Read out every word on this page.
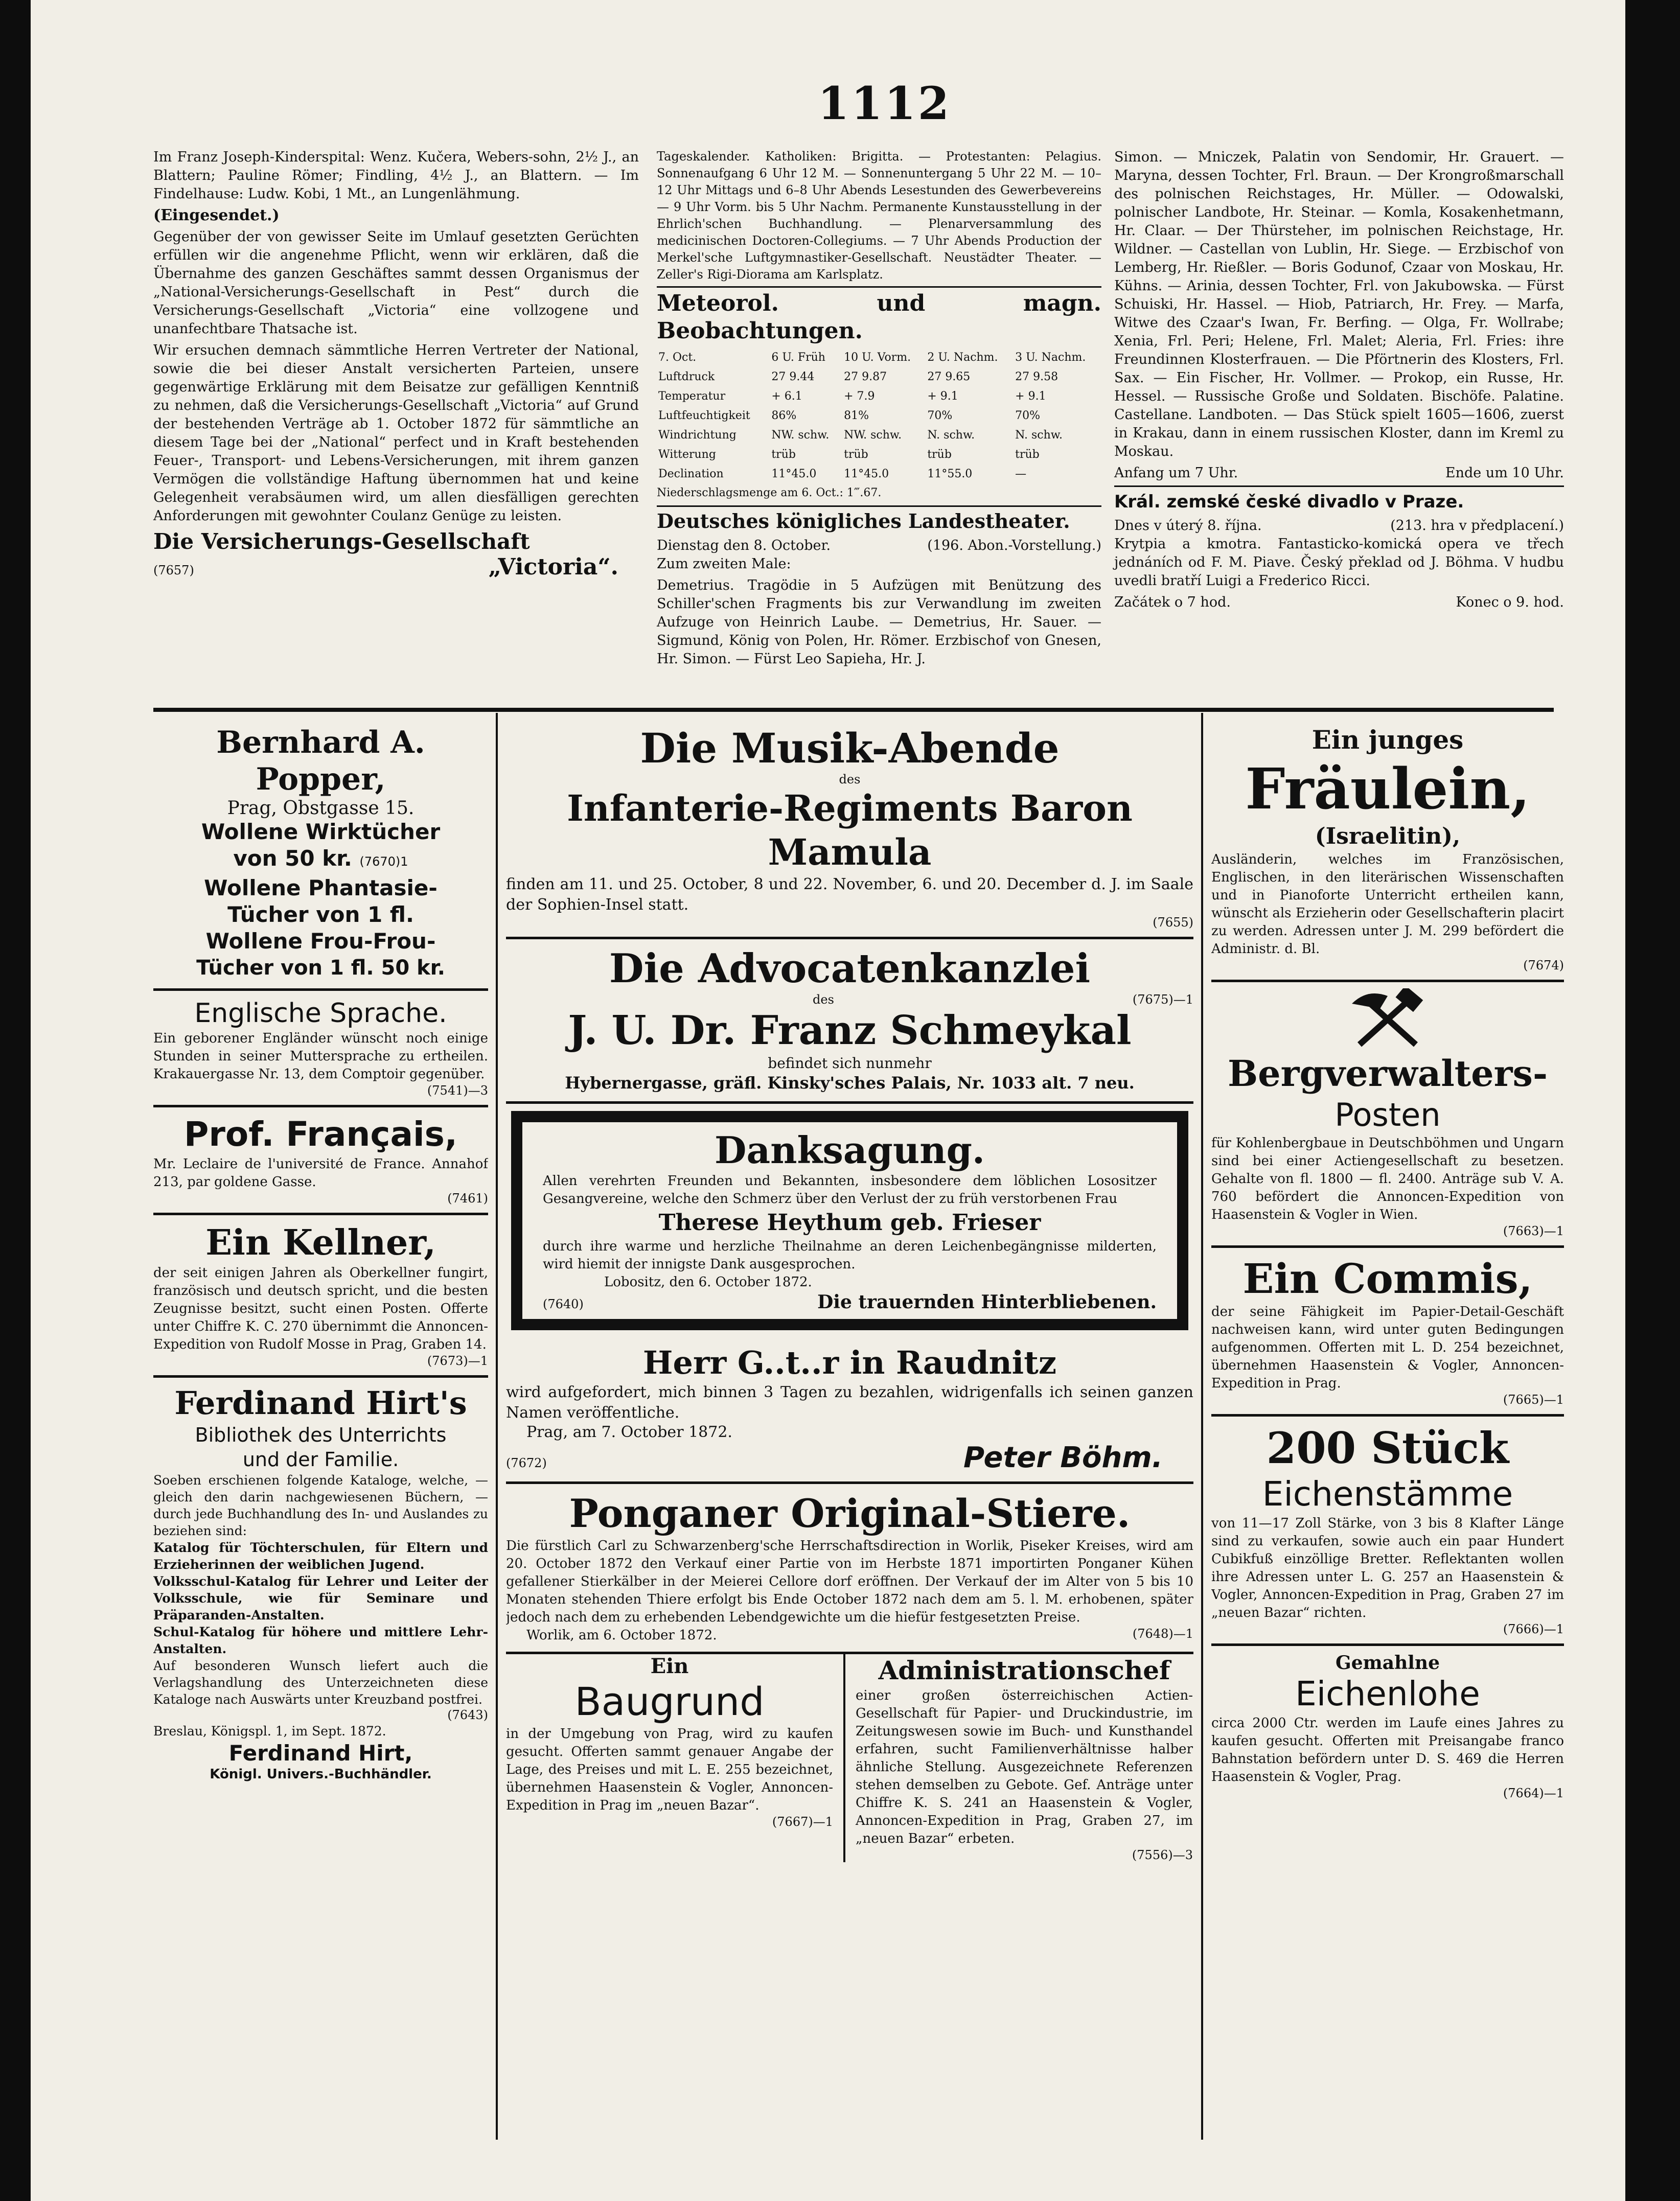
1112

Im Franz Joseph-Kinderspital: Wenz. Kučera, Webers-sohn, 2½ J., an Blattern; Pauline Römer; Findling, 4½ J., an Blattern. — Im Findelhause: Ludw. Kobi, 1 Mt., an Lungenlähmung.

(Eingesendet.)

Gegenüber der von gewisser Seite im Umlauf gesetzten Gerüchten erfüllen wir die angenehme Pflicht, wenn wir erklären, daß die Übernahme des ganzen Geschäftes sammt dessen Organismus der „National-Versicherungs-Gesellschaft in Pest“ durch die Versicherungs-Gesellschaft „Victoria“ eine vollzogene und unanfechtbare Thatsache ist.

Wir ersuchen demnach sämmtliche Herren Vertreter der National, sowie die bei dieser Anstalt versicherten Parteien, unsere gegenwärtige Erklärung mit dem Beisatze zur gefälligen Kenntniß zu nehmen, daß die Versicherungs-Gesellschaft „Victoria“ auf Grund der bestehenden Verträge ab 1. October 1872 für sämmtliche an diesem Tage bei der „National“ perfect und in Kraft bestehenden Feuer-, Transport- und Lebens-Versicherungen, mit ihrem ganzen Vermögen die vollständige Haftung übernommen hat und keine Gelegenheit verabsäumen wird, um allen diesfälligen gerechten Anforderungen mit gewohnter Coulanz Genüge zu leisten.

Die Versicherungs-Gesellschaft

(7657)	„Victoria“.

Tageskalender. Katholiken: Brigitta. — Protestanten: Pelagius. Sonnenaufgang 6 Uhr 12 M. — Sonnenuntergang 5 Uhr 22 M. — 10–12 Uhr Mittags und 6–8 Uhr Abends Lesestunden des Gewerbevereins — 9 Uhr Vorm. bis 5 Uhr Nachm. Permanente Kunstausstellung in der Ehrlich'schen Buchhandlung. — Plenarversammlung des medicinischen Doctoren-Collegiums. — 7 Uhr Abends Production der Merkel'sche Luftgymnastiker-Gesellschaft. Neustädter Theater. — Zeller's Rigi-Diorama am Karlsplatz.

Meteorol. und magn. Beobachtungen.

7. Oct.	6 U. Früh	10 U. Vorm.	2 U. Nachm.	3 U. Nachm.
Luftdruck	27 9.44	27 9.87	27 9.65	27 9.58
Temperatur	+ 6.1	+ 7.9	+ 9.1	+ 9.1
Luftfeuchtigkeit	86%	81%	70%	70%
Windrichtung	NW. schw.	NW. schw.	N. schw.	N. schw.
Witterung	trüb	trüb	trüb	trüb
Declination	11°45.0	11°45.0	11°55.0	—

Niederschlagsmenge am 6. Oct.: 1‴.67.

Deutsches königliches Landestheater.

Dienstag den 8. October.	(196. Abon.-Vorstellung.)

Zum zweiten Male:

Demetrius. Tragödie in 5 Aufzügen mit Benützung des Schiller'schen Fragments bis zur Verwandlung im zweiten Aufzuge von Heinrich Laube. — Demetrius, Hr. Sauer. — Sigmund, König von Polen, Hr. Römer. Erzbischof von Gnesen, Hr. Simon. — Fürst Leo Sapieha, Hr. J.

Simon. — Mniczek, Palatin von Sendomir, Hr. Grauert. — Maryna, dessen Tochter, Frl. Braun. — Der Krongroßmarschall des polnischen Reichstages, Hr. Müller. — Odowalski, polnischer Landbote, Hr. Steinar. — Komla, Kosakenhetmann, Hr. Claar. — Der Thürsteher, im polnischen Reichstage, Hr. Wildner. — Castellan von Lublin, Hr. Siege. — Erzbischof von Lemberg, Hr. Rießler. — Boris Godunof, Czaar von Moskau, Hr. Kühns. — Arinia, dessen Tochter, Frl. von Jakubowska. — Fürst Schuiski, Hr. Hassel. — Hiob, Patriarch, Hr. Frey. — Marfa, Witwe des Czaar's Iwan, Fr. Berfing. — Olga, Fr. Wollrabe; Xenia, Frl. Peri; Helene, Frl. Malet; Aleria, Frl. Fries: ihre Freundinnen Klosterfrauen. — Die Pförtnerin des Klosters, Frl. Sax. — Ein Fischer, Hr. Vollmer. — Prokop, ein Russe, Hr. Hessel. — Russische Große und Soldaten. Bischöfe. Palatine. Castellane. Landboten. — Das Stück spielt 1605—1606, zuerst in Krakau, dann in einem russischen Kloster, dann im Kreml zu Moskau.

Anfang um 7 Uhr.	Ende um 10 Uhr.

Král. zemské české divadlo v Praze.

Dnes v úterý 8. října.	(213. hra v předplacení.)

Krytpia a kmotra. Fantasticko-komická opera ve třech jednáních od F. M. Piave. Český překlad od J. Böhma. V hudbu uvedli bratří Luigi a Frederico Ricci.

Začátek o 7 hod.	Konec o 9. hod.
Bernhard A. Popper,
Prag, Obstgasse 15.
Wollene Wirktücher
von 50 kr. (7670)1
Wollene Phantasie-
Tücher von 1 fl.
Wollene Frou-Frou-
Tücher von 1 fl. 50 kr.
Englische Sprache.
Ein geborener Engländer wünscht noch einige Stunden in seiner Muttersprache zu ertheilen. Krakauergasse Nr. 13, dem Comptoir gegenüber.
(7541)—3
Prof. Français,
Mr. Leclaire de l'université de France. Annahof 213, par goldene Gasse.
(7461)
Ein Kellner,
der seit einigen Jahren als Oberkellner fungirt, französisch und deutsch spricht, und die besten Zeugnisse besitzt, sucht einen Posten. Offerte unter Chiffre K. C. 270 übernimmt die Annoncen-Expedition von Rudolf Mosse in Prag, Graben 14.
(7673)—1
Ferdinand Hirt's
Bibliothek des Unterrichts
und der Familie.
Soeben erschienen folgende Kataloge, welche, — gleich den darin nachgewiesenen Büchern, — durch jede Buchhandlung des In- und Auslandes zu beziehen sind:
Katalog für Töchterschulen, für Eltern und Erzieherinnen der weiblichen Jugend.
Volksschul-Katalog für Lehrer und Leiter der Volksschule, wie für Seminare und Präparanden-Anstalten.
Schul-Katalog für höhere und mittlere Lehr-Anstalten.
Auf besonderen Wunsch liefert auch die Verlagshandlung des Unterzeichneten diese Kataloge nach Auswärts unter Kreuzband postfrei.
(7643)
Breslau, Königspl. 1, im Sept. 1872.
Ferdinand Hirt,
Königl. Univers.-Buchhändler.
Die Musik-Abende
des
Infanterie-Regiments Baron Mamula
finden am 11. und 25. October, 8 und 22. November, 6. und 20. December d. J. im Saale der Sophien-Insel statt.
(7655)
Die Advocatenkanzlei
des	(7675)—1
J. U. Dr. Franz Schmeykal
befindet sich nunmehr
Hybernergasse, gräfl. Kinsky'sches Palais, Nr. 1033 alt. 7 neu.
Danksagung.
Allen verehrten Freunden und Bekannten, insbesondere dem löblichen Losositzer Gesangvereine, welche den Schmerz über den Verlust der zu früh verstorbenen Frau
Therese Heythum geb. Frieser
durch ihre warme und herzliche Theilnahme an deren Leichenbegängnisse milderten, wird hiemit der innigste Dank ausgesprochen.
Lobositz, den 6. October 1872.
(7640)	Die trauernden Hinterbliebenen.
Herr G..t..r in Raudnitz
wird aufgefordert, mich binnen 3 Tagen zu bezahlen, widrigenfalls ich seinen ganzen Namen veröffentliche.
Prag, am 7. October 1872.
(7672)	Peter Böhm.
Ponganer Original-Stiere.
Die fürstlich Carl zu Schwarzenberg'sche Herrschaftsdirection in Worlik, Piseker Kreises, wird am 20. October 1872 den Verkauf einer Partie von im Herbste 1871 importirten Ponganer Kühen gefallener Stierkälber in der Meierei Cellore dorf eröffnen. Der Verkauf der im Alter von 5 bis 10 Monaten stehenden Thiere erfolgt bis Ende October 1872 nach dem am 5. l. M. erhobenen, später jedoch nach dem zu erhebenden Lebendgewichte um die hiefür festgesetzten Preise.
Worlik, am 6. October 1872.	(7648)—1
Ein
Baugrund
in der Umgebung von Prag, wird zu kaufen gesucht. Offerten sammt genauer Angabe der Lage, des Preises und mit L. E. 255 bezeichnet, übernehmen Haasenstein & Vogler, Annoncen-Expedition in Prag im „neuen Bazar“.
(7667)—1
Administrationschef
einer großen österreichischen Actien-Gesellschaft für Papier- und Druckindustrie, im Zeitungswesen sowie im Buch- und Kunsthandel erfahren, sucht Familienverhältnisse halber ähnliche Stellung. Ausgezeichnete Referenzen stehen demselben zu Gebote. Gef. Anträge unter Chiffre K. S. 241 an Haasenstein & Vogler, Annoncen-Expedition in Prag, Graben 27, im „neuen Bazar“ erbeten.
(7556)—3
Ein junges
Fräulein,
(Israelitin),
Ausländerin, welches im Französischen, Englischen, in den literärischen Wissenschaften und in Pianoforte Unterricht ertheilen kann, wünscht als Erzieherin oder Gesellschafterin placirt zu werden. Adressen unter J. M. 299 befördert die Administr. d. Bl.
(7674)
Bergverwalters-
Posten
für Kohlenbergbaue in Deutschböhmen und Ungarn sind bei einer Actiengesellschaft zu besetzen. Gehalte von fl. 1800 — fl. 2400. Anträge sub V. A. 760 befördert die Annoncen-Expedition von Haasenstein & Vogler in Wien.
(7663)—1
Ein Commis,
der seine Fähigkeit im Papier-Detail-Geschäft nachweisen kann, wird unter guten Bedingungen aufgenommen. Offerten mit L. D. 254 bezeichnet, übernehmen Haasenstein & Vogler, Annoncen-Expedition in Prag.
(7665)—1
200 Stück
Eichenstämme
von 11—17 Zoll Stärke, von 3 bis 8 Klafter Länge sind zu verkaufen, sowie auch ein paar Hundert Cubikfuß einzöllige Bretter. Reflektanten wollen ihre Adressen unter L. G. 257 an Haasenstein & Vogler, Annoncen-Expedition in Prag, Graben 27 im „neuen Bazar“ richten.
(7666)—1
Gemahlne
Eichenlohe
circa 2000 Ctr. werden im Laufe eines Jahres zu kaufen gesucht. Offerten mit Preisangabe franco Bahnstation befördern unter D. S. 469 die Herren Haasenstein & Vogler, Prag.
(7664)—1
